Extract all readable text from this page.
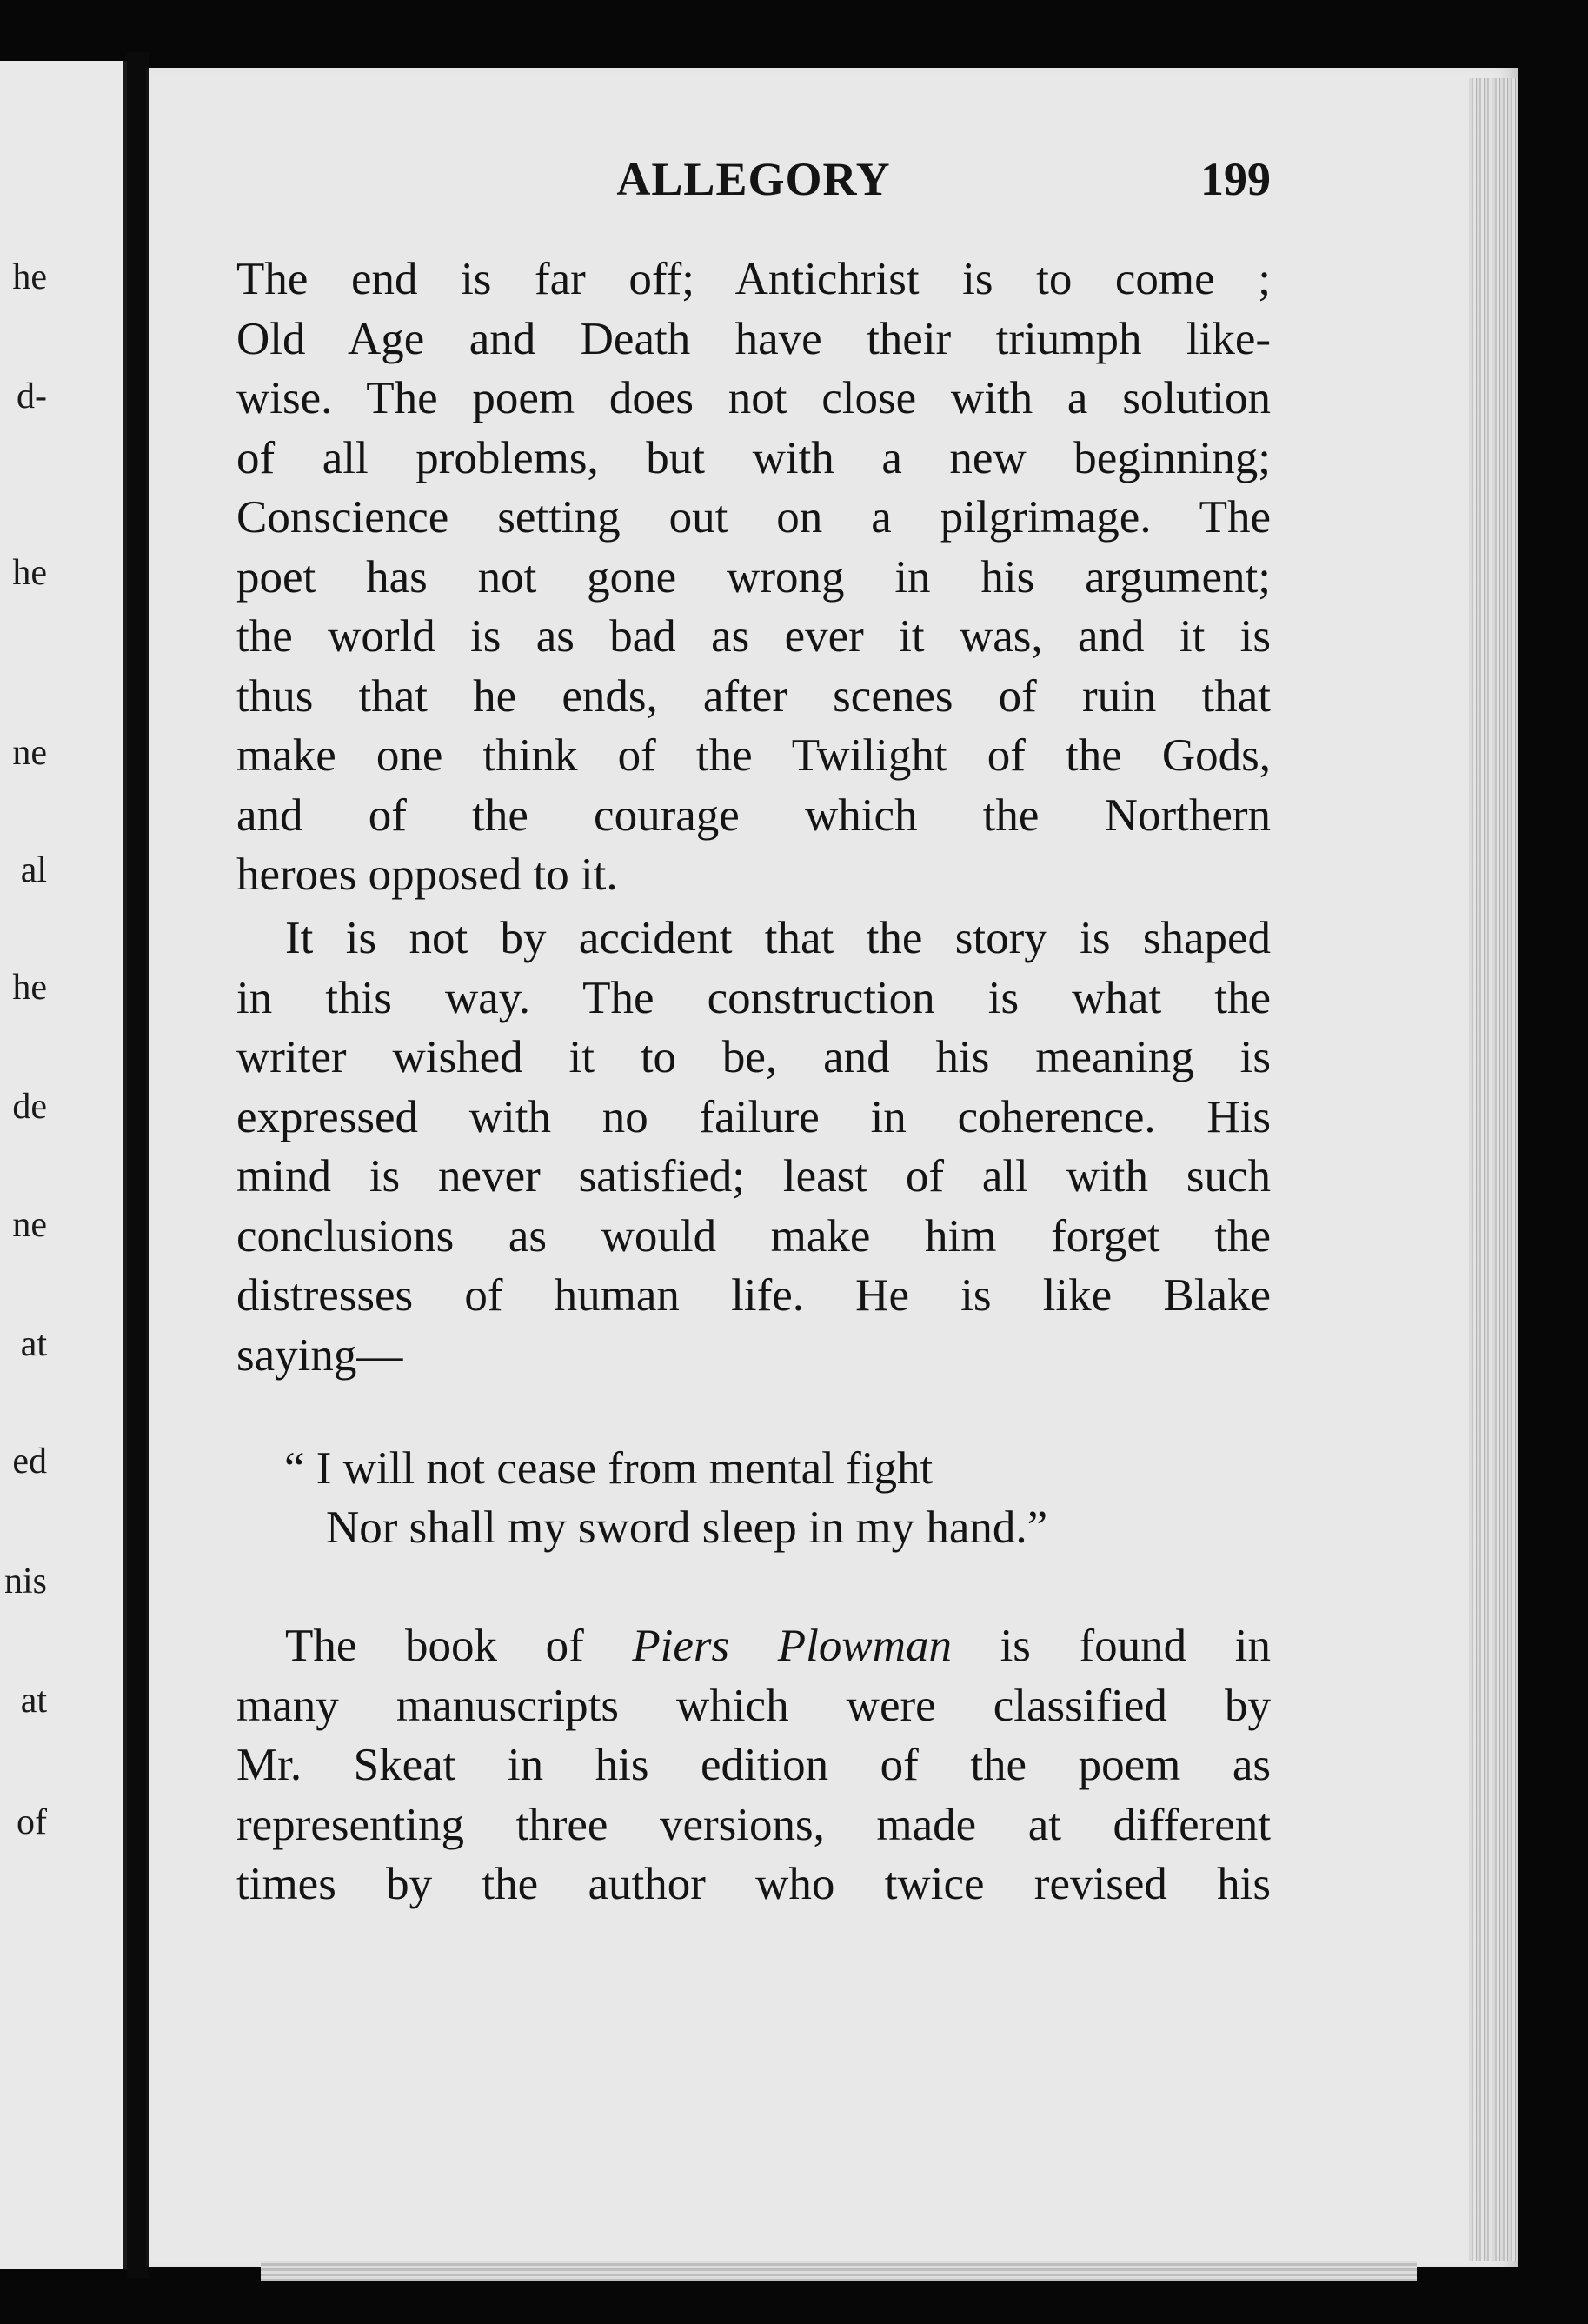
he
d-
he
ne
al
he
de
ne
at
ed
nis
at
of
ALLEGORY	199
The end is far off; Antichrist is to come ;
Old Age and Death have their triumph like-
wise. The poem does not close with a solution
of all problems, but with a new beginning;
Conscience setting out on a pilgrimage. The
poet has not gone wrong in his argument;
the world is as bad as ever it was, and it is
thus that he ends, after scenes of ruin that
make one think of the Twilight of the Gods,
and of the courage which the Northern
heroes opposed to it.
It is not by accident that the story is shaped
in this way. The construction is what the
writer wished it to be, and his meaning is
expressed with no failure in coherence. His
mind is never satisfied; least of all with such
conclusions as would make him forget the
distresses of human life. He is like Blake
saying—
“ I will not cease from mental fight
Nor shall my sword sleep in my hand.”
The book of Piers Plowman is found in
many manuscripts which were classified by
Mr. Skeat in his edition of the poem as
representing three versions, made at different
times by the author who twice revised his
